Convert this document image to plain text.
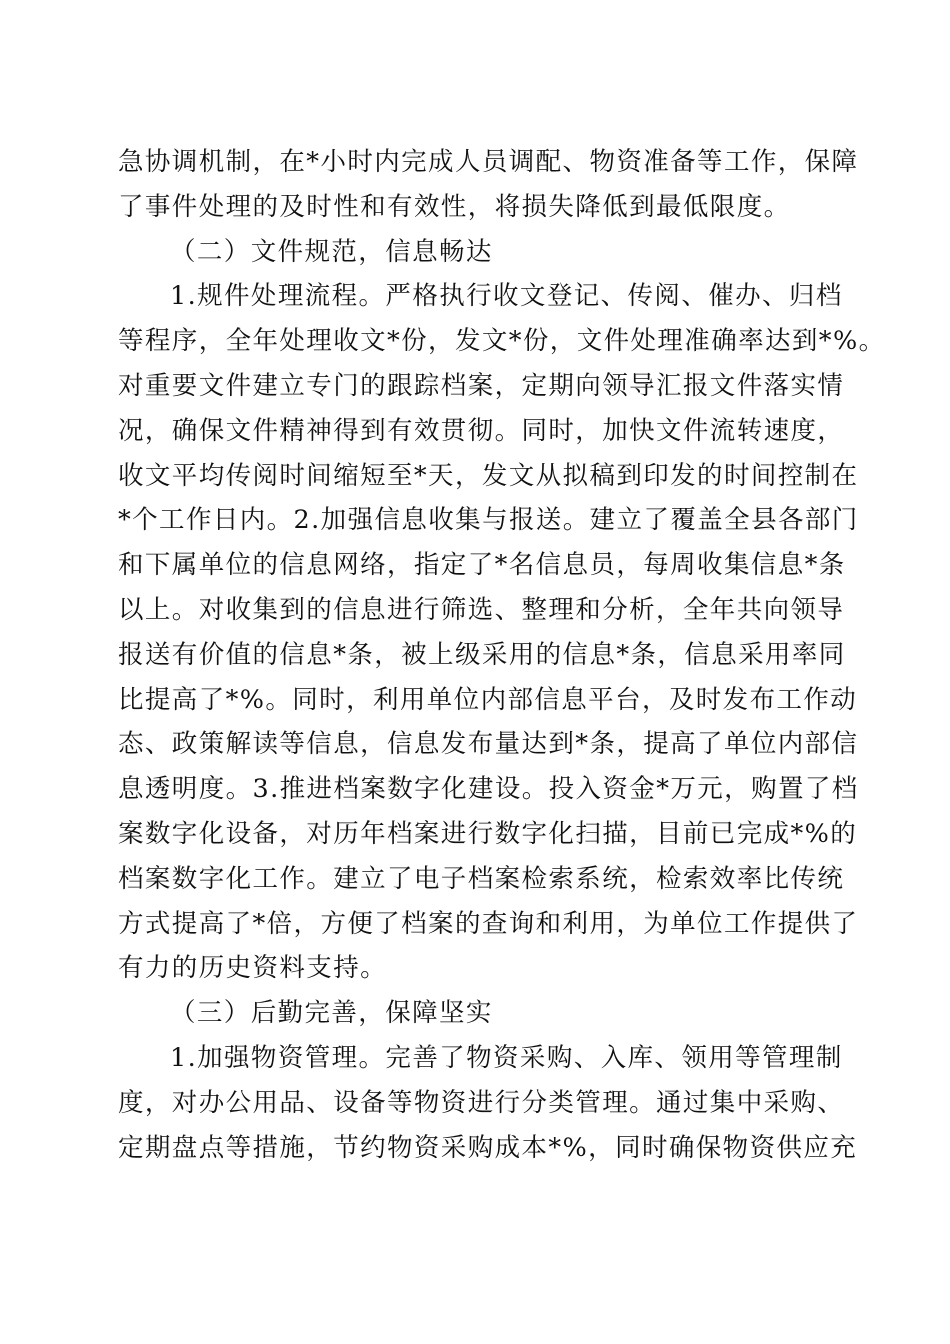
急协调机制，在*小时内完成人员调配、物资准备等工作，保障
了事件处理的及时性和有效性，将损失降低到最低限度。
（二）文件规范，信息畅达
1.规件处理流程。严格执行收文登记、传阅、催办、归档
等程序，全年处理收文*份，发文*份，文件处理准确率达到*%。
对重要文件建立专门的跟踪档案，定期向领导汇报文件落实情
况，确保文件精神得到有效贯彻。同时，加快文件流转速度，
收文平均传阅时间缩短至*天，发文从拟稿到印发的时间控制在
*个工作日内。2.加强信息收集与报送。建立了覆盖全县各部门
和下属单位的信息网络，指定了*名信息员，每周收集信息*条
以上。对收集到的信息进行筛选、整理和分析，全年共向领导
报送有价值的信息*条，被上级采用的信息*条，信息采用率同
比提高了*%。同时，利用单位内部信息平台，及时发布工作动
态、政策解读等信息，信息发布量达到*条，提高了单位内部信
息透明度。3.推进档案数字化建设。投入资金*万元，购置了档
案数字化设备，对历年档案进行数字化扫描，目前已完成*%的
档案数字化工作。建立了电子档案检索系统，检索效率比传统
方式提高了*倍，方便了档案的查询和利用，为单位工作提供了
有力的历史资料支持。
（三）后勤完善，保障坚实
1.加强物资管理。完善了物资采购、入库、领用等管理制
度，对办公用品、设备等物资进行分类管理。通过集中采购、
定期盘点等措施，节约物资采购成本*%，同时确保物资供应充
